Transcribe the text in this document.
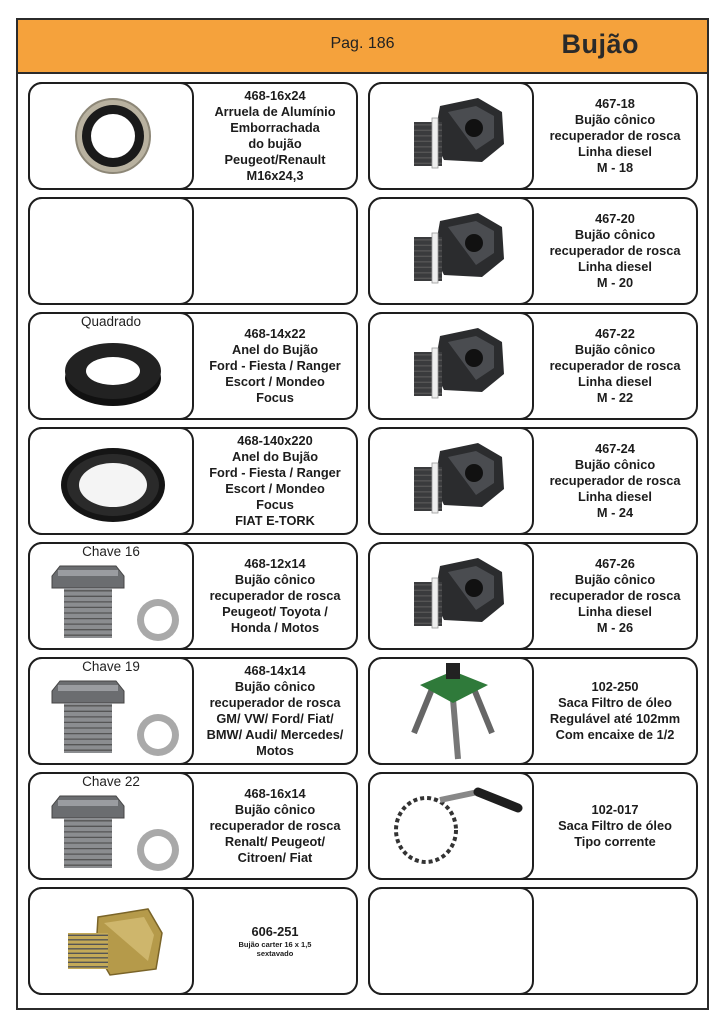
Pag. 186	Bujão
468-16x24
Arruela de Alumínio
Emborrachada
do bujão
Peugeot/Renault
M16x24,3
Quadrado
468-14x22
Anel do Bujão
Ford - Fiesta / Ranger
Escort / Mondeo
Focus
468-140x220
Anel do Bujão
Ford - Fiesta / Ranger
Escort / Mondeo
Focus
FIAT E-TORK
Chave 16
468-12x14
Bujão cônico
recuperador de rosca
Peugeot/ Toyota /
Honda / Motos
Chave 19	468-14x14
Bujão cônico
recuperador de rosca
GM/ VW/ Ford/ Fiat/
BMW/ Audi/ Mercedes/
Motos
Chave 22
468-16x14
Bujão cônico
recuperador de rosca
Renalt/ Peugeot/
Citroen/ Fiat
606-251
Bujão carter 16 x 1,5
sextavado
467-18
Bujão cônico
recuperador de rosca
Linha diesel
M - 18
467-20
Bujão cônico
recuperador de rosca
Linha diesel
M - 20
467-22
Bujão cônico
recuperador de rosca
Linha diesel
M - 22
467-24
Bujão cônico
recuperador de rosca
Linha diesel
M - 24
467-26
Bujão cônico
recuperador de rosca
Linha diesel
M - 26
102-250
Saca Filtro de óleo
Regulável até 102mm
Com encaixe de 1/2
102-017
Saca Filtro de óleo
Tipo corrente
